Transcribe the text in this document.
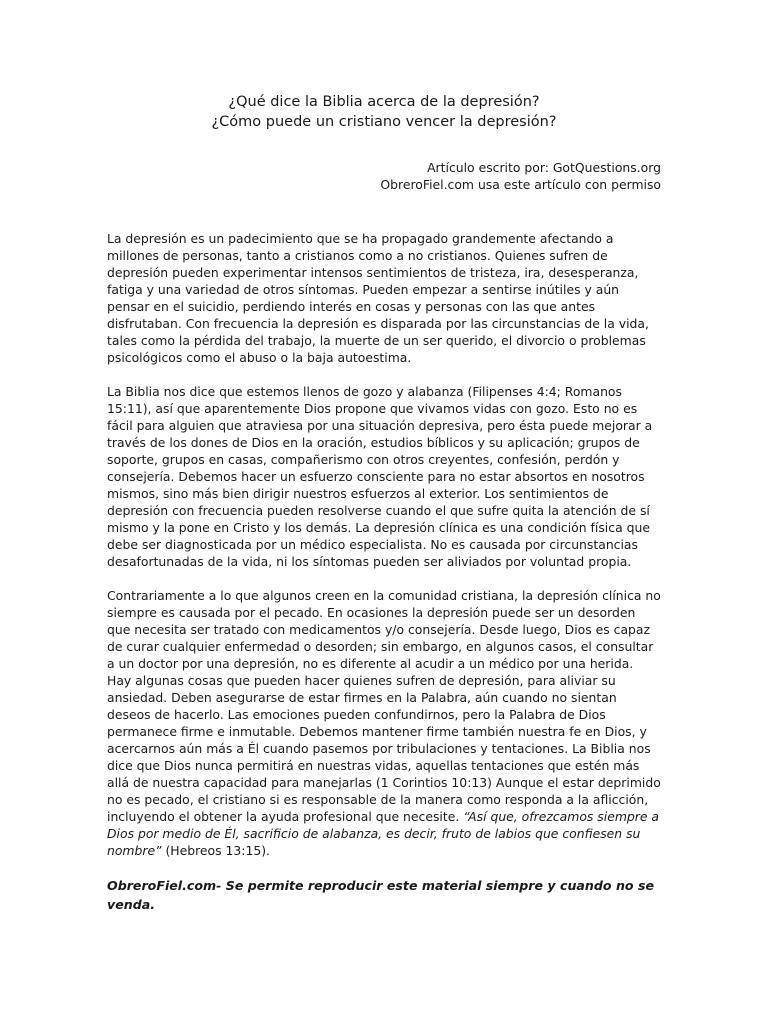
¿Qué dice la Biblia acerca de la depresión?
¿Cómo puede un cristiano vencer la depresión?
Artículo escrito por: GotQuestions.org
ObreroFiel.com usa este artículo con permiso

La depresión es un padecimiento que se ha propagado grandemente afectando a millones de personas, tanto a cristianos como a no cristianos. Quienes sufren de depresión pueden experimentar intensos sentimientos de tristeza, ira, desesperanza, fatiga y una variedad de otros síntomas. Pueden empezar a sentirse inútiles y aún pensar en el suicidio, perdiendo interés en cosas y personas con las que antes disfrutaban. Con frecuencia la depresión es disparada por las circunstancias de la vida, tales como la pérdida del trabajo, la muerte de un ser querido, el divorcio o problemas psicológicos como el abuso o la baja autoestima.

La Biblia nos dice que estemos llenos de gozo y alabanza (Filipenses 4:4; Romanos 15:11), así que aparentemente Dios propone que vivamos vidas con gozo. Esto no es fácil para alguien que atraviesa por una situación depresiva, pero ésta puede mejorar a través de los dones de Dios en la oración, estudios bíblicos y su aplicación; grupos de soporte, grupos en casas, compañerismo con otros creyentes, confesión, perdón y consejería. Debemos hacer un esfuerzo consciente para no estar absortos en nosotros mismos, sino más bien dirigir nuestros esfuerzos al exterior. Los sentimientos de depresión con frecuencia pueden resolverse cuando el que sufre quita la atención de sí mismo y la pone en Cristo y los demás. La depresión clínica es una condición física que debe ser diagnosticada por un médico especialista. No es causada por circunstancias desafortunadas de la vida, ni los síntomas pueden ser aliviados por voluntad propia.

Contrariamente a lo que algunos creen en la comunidad cristiana, la depresión clínica no siempre es causada por el pecado. En ocasiones la depresión puede ser un desorden que necesita ser tratado con medicamentos y/o consejería. Desde luego, Dios es capaz de curar cualquier enfermedad o desorden; sin embargo, en algunos casos, el consultar a un doctor por una depresión, no es diferente al acudir a un médico por una herida. Hay algunas cosas que pueden hacer quienes sufren de depresión, para aliviar su ansiedad. Deben asegurarse de estar firmes en la Palabra, aún cuando no sientan deseos de hacerlo. Las emociones pueden confundirnos, pero la Palabra de Dios permanece firme e inmutable. Debemos mantener firme también nuestra fe en Dios, y acercarnos aún más a Él cuando pasemos por tribulaciones y tentaciones. La Biblia nos dice que Dios nunca permitirá en nuestras vidas, aquellas tentaciones que estén más allá de nuestra capacidad para manejarlas (1 Corintios 10:13) Aunque el estar deprimido no es pecado, el cristiano si es responsable de la manera como responda a la aflicción, incluyendo el obtener la ayuda profesional que necesite. “Así que, ofrezcamos siempre a Dios por medio de Él, sacrificio de alabanza, es decir, fruto de labios que confiesen su nombre” (Hebreos 13:15).

ObreroFiel.com- Se permite reproducir este material siempre y cuando no se venda.
